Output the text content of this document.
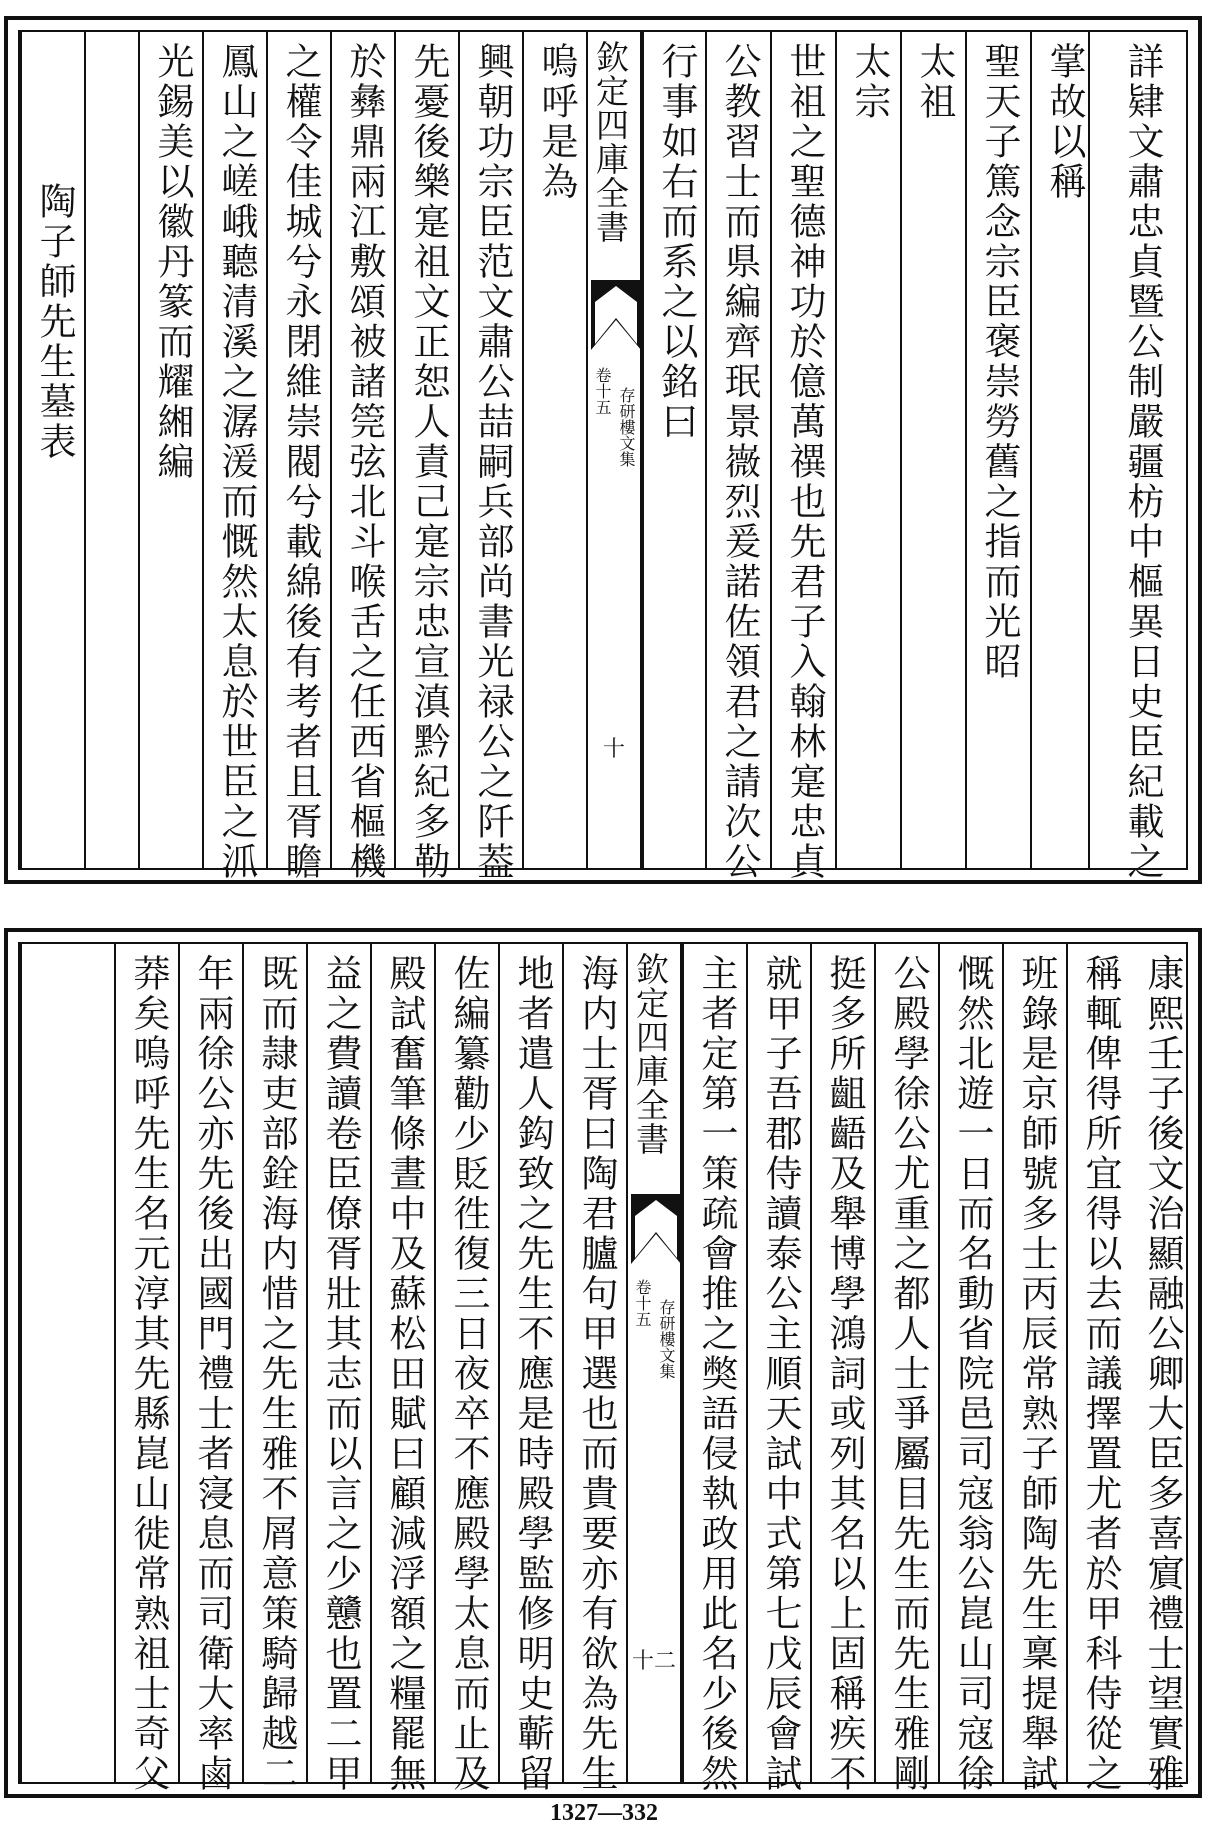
詳肄文肅忠貞暨公制嚴疆枋中樞異日史臣紀載之
掌故以稱
聖天子篤念宗臣褒崇勞舊之指而光昭
太祖
太宗
世祖之聖德神功於億萬禩也先君子入翰林寔忠貞
公教習士而県編齊珉景嶶烈爰諾佐領君之請次公
行事如右而系之以銘曰
欽定四庫全書
卷十五 存研樓文集
十
嗚呼是為
興朝功宗臣范文肅公喆嗣兵部尚書光禄公之阡葢
先憂後樂寔祖文正恕人責己寔宗忠宣滇黔紀多勒
於彝鼎兩江敷頌被諸筦弦北斗喉舌之任西省樞機
之權令佳城兮永閉維崇閥兮載綿後有考者且胥瞻
鳳山之嵯峨聽清溪之潺湲而慨然太息於世臣之沠
光錫美以徽丹篆而耀緗編
陶子師先生墓表
康熙壬子後文治顯融公卿大臣多喜賔禮士望實雅
稱輒俾得所宜得以去而議擇置尤者於甲科侍從之
班錄是京師號多士丙辰常熟子師陶先生稟提舉試
慨然北遊一日而名動省院邑司寇翁公崑山司寇徐
公殿學徐公尤重之都人士爭屬目先生而先生雅剛
挺多所齟齬及舉博學鴻詞或列其名以上固稱疾不
就甲子吾郡侍讀泰公主順天試中式第七戊辰會試
主者定第一策疏會推之獘語侵執政用此名少後然
欽定四庫全書
卷十五 存研樓文集
十二
海内士胥曰陶君臚句甲選也而貴要亦有欲為先生
地者遣人鈎致之先生不應是時殿學監修明史蘄留
佐編纂勸少貶徃復三日夜卒不應殿學太息而止及
殿試奮筆條晝中及蘇松田賦曰顧減浮額之糧罷無
益之費讀卷臣僚胥壯其志而以言之少戇也置二甲
既而隷吏部銓海内惜之先生雅不屑意策騎歸越二
年兩徐公亦先後出國門禮士者寖息而司衛大率鹵
莽矣嗚呼先生名元淳其先縣崑山徙常熟祖士奇父
1327—332
